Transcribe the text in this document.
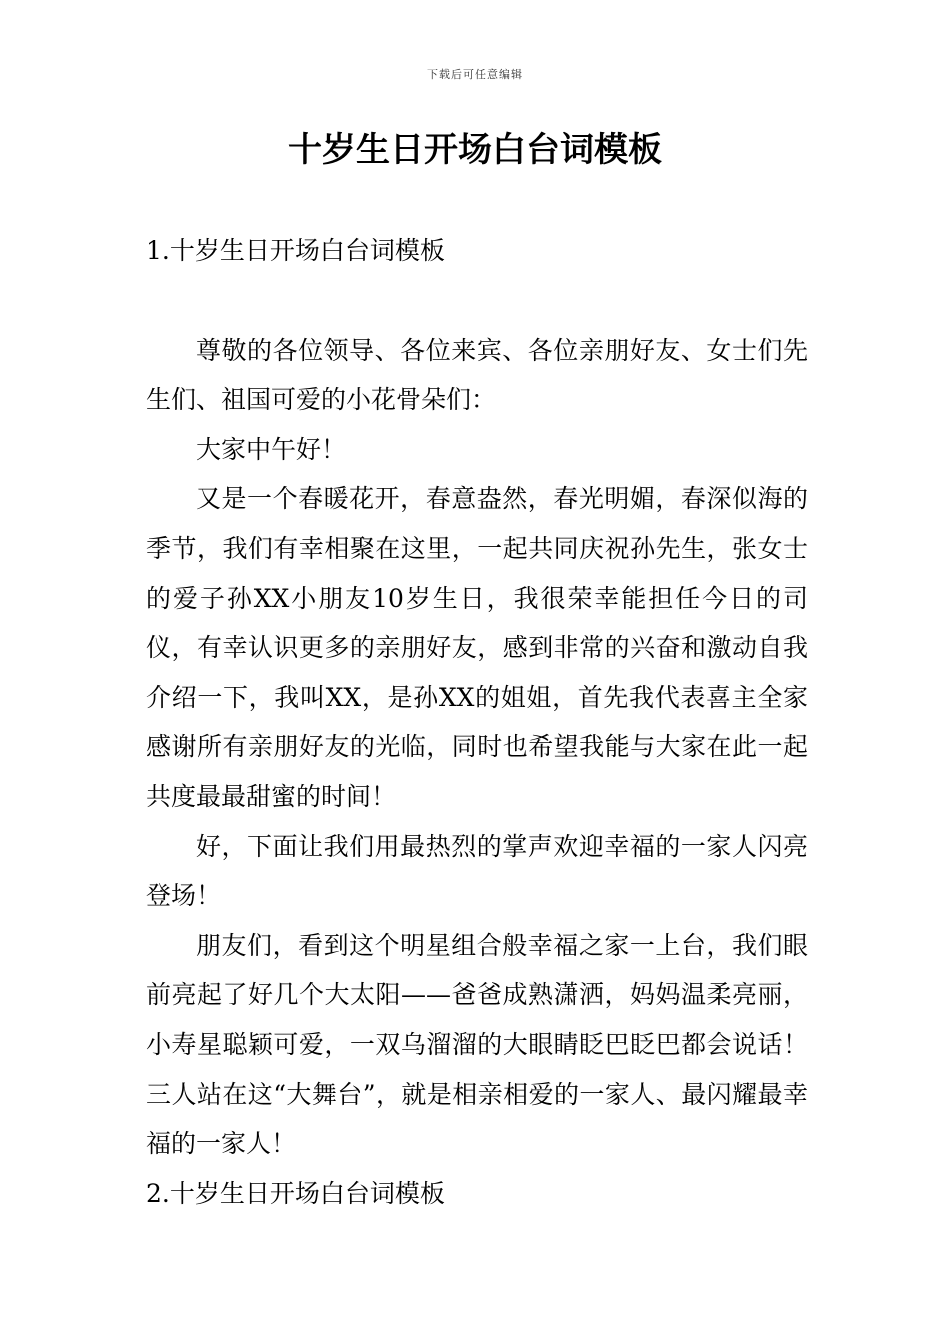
下载后可任意编辑
十岁生日开场白台词模板

1.十岁生日开场白台词模板

尊敬的各位领导、各位来宾、各位亲朋好友、女士们先生们、祖国可爱的小花骨朵们：

大家中午好！

又是一个春暖花开，春意盎然，春光明媚，春深似海的季节，我们有幸相聚在这里，一起共同庆祝孙先生，张女士的爱子孙XX小朋友10岁生日，我很荣幸能担任今日的司仪，有幸认识更多的亲朋好友，感到非常的兴奋和激动自我介绍一下，我叫XX，是孙XX的姐姐，首先我代表喜主全家感谢所有亲朋好友的光临，同时也希望我能与大家在此一起共度最最甜蜜的时间！

好，下面让我们用最热烈的掌声欢迎幸福的一家人闪亮登场！

朋友们，看到这个明星组合般幸福之家一上台，我们眼前亮起了好几个大太阳——爸爸成熟潇洒，妈妈温柔亮丽，小寿星聪颖可爱，一双乌溜溜的大眼睛眨巴眨巴都会说话！三人站在这“大舞台”，就是相亲相爱的一家人、最闪耀最幸福的一家人！

2.十岁生日开场白台词模板
